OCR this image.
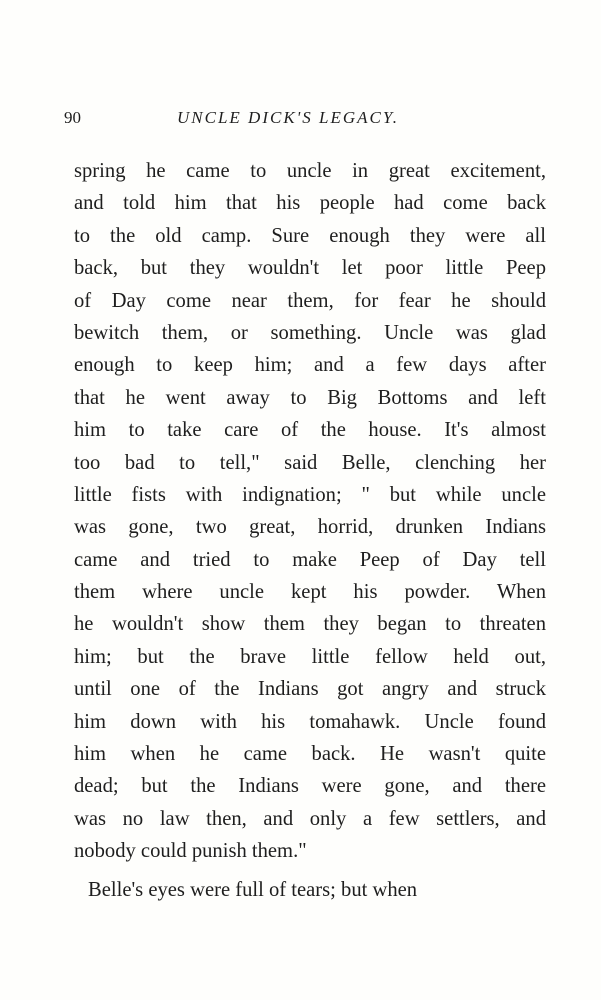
90	UNCLE DICK'S LEGACY.
spring he came to uncle in great excitement,
and told him that his people had come back
to the old camp. Sure enough they were all
back, but they wouldn't let poor little Peep
of Day come near them, for fear he should
bewitch them, or something. Uncle was glad
enough to keep him; and a few days after
that he went away to Big Bottoms and left
him to take care of the house. It's almost
too bad to tell," said Belle, clenching her
little fists with indignation; " but while uncle
was gone, two great, horrid, drunken Indians
came and tried to make Peep of Day tell
them where uncle kept his powder. When
he wouldn't show them they began to threaten
him; but the brave little fellow held out,
until one of the Indians got angry and struck
him down with his tomahawk. Uncle found
him when he came back. He wasn't quite
dead; but the Indians were gone, and there
was no law then, and only a few settlers, and
nobody could punish them."
Belle's eyes were full of tears; but when
